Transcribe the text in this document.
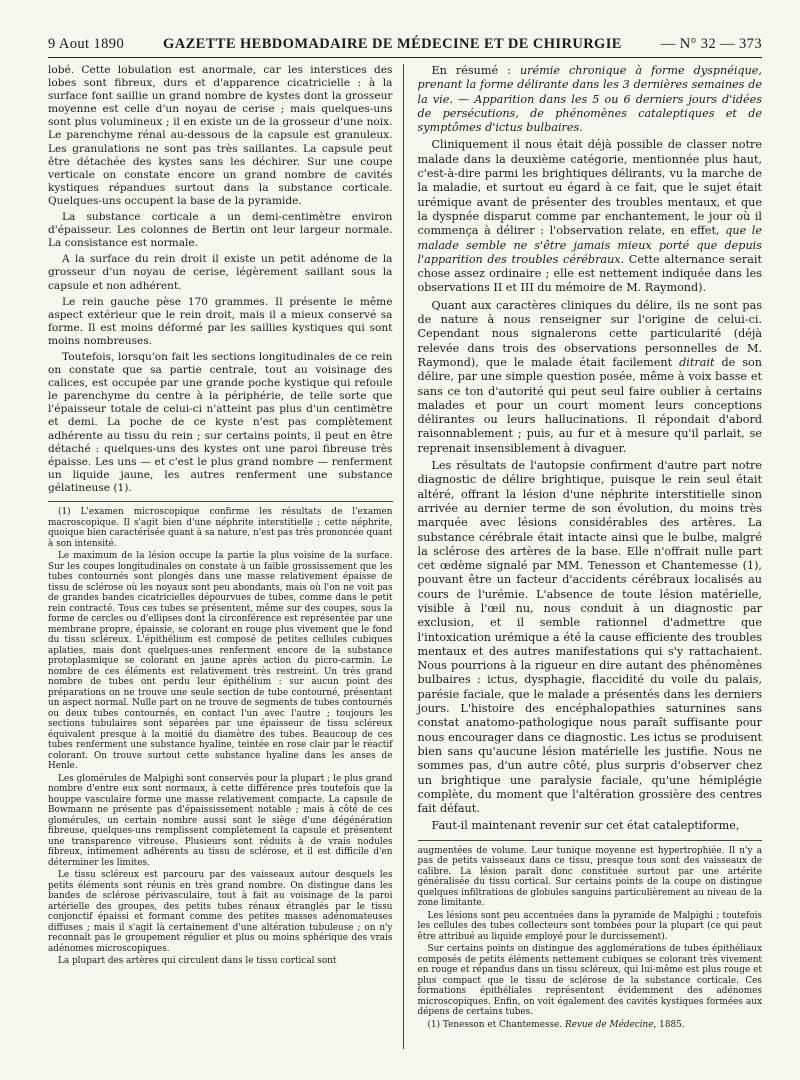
9 Aout 1890	GAZETTE HEBDOMADAIRE DE MÉDECINE ET DE CHIRURGIE	— N° 32 — 373

lobé. Cette lobulation est anormale, car les interstices des lobes sont fibreux, durs et d'apparence cicatricielle : à la surface font saillie un grand nombre de kystes dont la grosseur moyenne est celle d'un noyau de cerise ; mais quelques-uns sont plus volumineux ; il en existe un de la grosseur d'une noix. Le parenchyme rénal au-dessous de la capsule est granuleux. Les granulations ne sont pas très saillantes. La capsule peut être détachée des kystes sans les déchirer. Sur une coupe verticale on constate encore un grand nombre de cavités kystiques répandues surtout dans la substance corticale. Quelques-uns occupent la base de la pyramide.

La substance corticale a un demi-centimètre environ d'épaisseur. Les colonnes de Bertin ont leur largeur normale. La consistance est normale.

A la surface du rein droit il existe un petit adénome de la grosseur d'un noyau de cerise, légèrement saillant sous la capsule et non adhérent.

Le rein gauche pèse 170 grammes. Il présente le même aspect extérieur que le rein droit, mais il a mieux conservé sa forme. Il est moins déformé par les saillies kystiques qui sont moins nombreuses.

Toutefois, lorsqu'on fait les sections longitudinales de ce rein on constate que sa partie centrale, tout au voisinage des calices, est occupée par une grande poche kystique qui refoule le parenchyme du centre à la périphérie, de telle sorte que l'épaisseur totale de celui-ci n'atteint pas plus d'un centimètre et demi. La poche de ce kyste n'est pas complètement adhérente au tissu du rein ; sur certains points, il peut en être détaché : quelques-uns des kystes ont une paroi fibreuse très épaisse. Les uns — et c'est le plus grand nombre — renferment un liquide jaune, les autres renferment une substance gélatineuse (1).

(1) L'examen microscopique confirme les résultats de l'examen macroscopique. Il s'agit bien d'une néphrite interstitielle ; cette néphrite, quoique bien caractérisée quant à sa nature, n'est pas très prononcée quant à son intensité.

Le maximum de la lésion occupe la partie la plus voisine de la surface. Sur les coupes longitudinales on constate à un faible grossissement que les tubes contournés sont plongés dans une masse relativement épaisse de tissu de sclérose où les noyaux sont peu abondants, mais où l'on ne voit pas de grandes bandes cicatricielles dépourvues de tubes, comme dans le petit rein contracté. Tous ces tubes se présentent, même sur des coupes, sous la forme de cercles ou d'ellipses dont la circonférence est représentée par une membrane propre, épaissie, se colorant en rouge plus vivement que le fond du tissu scléreux. L'épithélium est composé de petites cellules cubiques aplaties, mais dont quelques-unes renferment encore de la substance protoplasmique se colorant en jaune après action du picro-carmin. Le nombre de ces éléments est relativement très restreint. Un très grand nombre de tubes ont perdu leur épithélium : sur aucun point des préparations on ne trouve une seule section de tube contourné, présentant un aspect normal. Nulle part on ne trouve de segments de tubes contournés ou deux tubes contournés, en contact l'un avec l'autre ; toujours les sections tubulaires sont séparées par une épaisseur de tissu scléreux équivalent presque à la moitié du diamètre des tubes. Beaucoup de ces tubes renferment une substance hyaline, teintée en rose clair par le réactif colorant. On trouve surtout cette substance hyaline dans les anses de Henle.

Les glomérules de Malpighi sont conservés pour la plupart ; le plus grand nombre d'entre eux sont normaux, à cette différence près toutefois que la houppe vasculaire forme une masse relativement compacte. La capsule de Bowmann ne présente pas d'épaississement notable ; mais à côté de ces glomérules, un certain nombre aussi sont le siège d'une dégénération fibreuse, quelques-uns remplissent complètement la capsule et présentent une transparence vitreuse. Plusieurs sont réduits à de vrais nodules fibreux, intimement adhérents au tissu de sclérose, et il est difficile d'en déterminer les limites.

Le tissu scléreux est parcouru par des vaisseaux autour desquels les petits éléments sont réunis en très grand nombre. On distingue dans les bandes de sclérose périvasculaire, tout à fait au voisinage de la paroi artérielle des groupes, des petits tubes rénaux étranglés par le tissu conjonctif épaissi et formant comme des petites masses adénomateuses diffuses ; mais il s'agit là certainement d'une altération tubuleuse ; on n'y reconnaît pas le groupement régulier et plus ou moins sphérique des vrais adénomes microscopiques.

La plupart des artères qui circulent dans le tissu cortical sont

En résumé : urémie chronique à forme dyspnéique, prenant la forme délirante dans les 3 dernières semaines de la vie. — Apparition dans les 5 ou 6 derniers jours d'idées de persécutions, de phénomènes cataleptiques et de symptômes d'ictus bulbaires.

Cliniquement il nous était déjà possible de classer notre malade dans la deuxième catégorie, mentionnée plus haut, c'est-à-dire parmi les brightiques délirants, vu la marche de la maladie, et surtout eu égard à ce fait, que le sujet était urémique avant de présenter des troubles mentaux, et que la dyspnée disparut comme par enchantement, le jour où il commença à délirer : l'observation relate, en effet, que le malade semble ne s'être jamais mieux porté que depuis l'apparition des troubles cérébraux. Cette alternance serait chose assez ordinaire ; elle est nettement indiquée dans les observations II et III du mémoire de M. Raymond).

Quant aux caractères cliniques du délire, ils ne sont pas de nature à nous renseigner sur l'origine de celui-ci. Cependant nous signalerons cette particularité (déjà relevée dans trois des observations personnelles de M. Raymond), que le malade était facilement ditrait de son délire, par une simple question posée, même à voix basse et sans ce ton d'autorité qui peut seul faire oublier à certains malades et pour un court moment leurs conceptions délirantes ou leurs hallucinations. Il répondait d'abord raisonnablement ; puis, au fur et à mesure qu'il parlait, se reprenait insensiblement à divaguer.

Les résultats de l'autopsie confirment d'autre part notre diagnostic de délire brightique, puisque le rein seul était altéré, offrant la lésion d'une néphrite interstitielle sinon arrivée au dernier terme de son évolution, du moins très marquée avec lésions considérables des artères. La substance cérébrale était intacte ainsi que le bulbe, malgré la sclérose des artères de la base. Elle n'offrait nulle part cet œdème signalé par MM. Tenesson et Chantemesse (1), pouvant être un facteur d'accidents cérébraux localisés au cours de l'urémie. L'absence de toute lésion matérielle, visible à l'œil nu, nous conduit à un diagnostic par exclusion, et il semble rationnel d'admettre que l'intoxication urémique a été la cause efficiente des troubles mentaux et des autres manifestations qui s'y rattachaient. Nous pourrions à la rigueur en dire autant des phénomènes bulbaires : ictus, dysphagie, flaccidité du voile du palais, parésie faciale, que le malade a présentés dans les derniers jours. L'histoire des encéphalopathies saturnines sans constat anatomo-pathologique nous paraît suffisante pour nous encourager dans ce diagnostic. Les ictus se produisent bien sans qu'aucune lésion matérielle les justifie. Nous ne sommes pas, d'un autre côté, plus surpris d'observer chez un brightique une paralysie faciale, qu'une hémiplégie complète, du moment que l'altération grossière des centres fait défaut.

Faut-il maintenant revenir sur cet état cataleptiforme,

augmentées de volume. Leur tunique moyenne est hypertrophiée. Il n'y a pas de petits vaisseaux dans ce tissu, presque tous sont des vaisseaux de calibre. La lésion paraît donc constituée surtout par une artérite généralisée du tissu cortical. Sur certains points de la coupe on distingue quelques infiltrations de globules sanguins particulièrement au niveau de la zone limitante.

Les lésions sont peu accentuées dans la pyramide de Malpighi ; toutefois les cellules des tubes collecteurs sont tombées pour la plupart (ce qui peut être attribué au liquide employé pour le durcissement).

Sur certains points on distingue des agglomérations de tubes épithéliaux composés de petits éléments nettement cubiques se colorant très vivement en rouge et répandus dans un tissu scléreux, qui lui-même est plus rouge et plus compact que le tissu de sclérose de la substance corticale. Ces formations épithéliales représentent évidemment des adénomes microscopiques. Enfin, on voit également des cavités kystiques formées aux dépens de certains tubes.

(1) Tenesson et Chantemesse. Revue de Médecine, 1885.
